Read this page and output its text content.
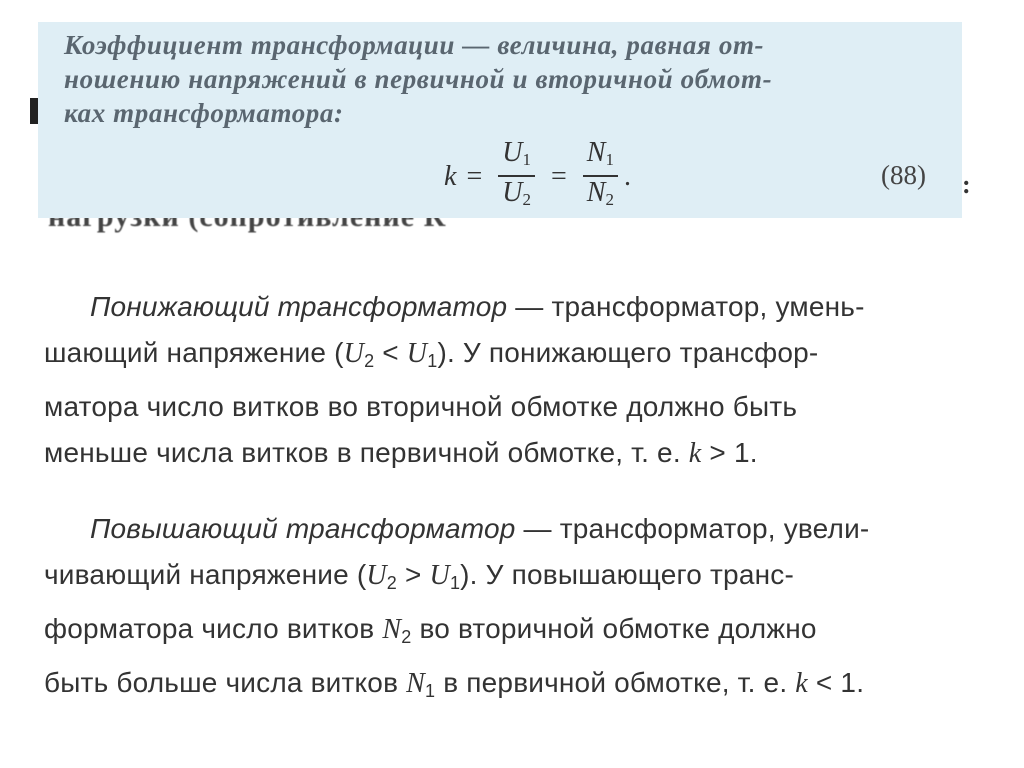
:

Коэффициент трансформации — величина, равная от-
ношению напряжений в первичной и вторичной обмот-
ках трансформатора:

$k = \frac{U_1}{U_2} = \frac{N_1}{N_2}$ .	(88)

Понижающий трансформатор — трансформатор, умень-
шающий напряжение (U2 < U1). У понижающего трансфор-
матора число витков во вторичной обмотке должно быть
меньше числа витков в первичной обмотке, т. е. k > 1.

Повышающий трансформатор — трансформатор, увели-
чивающий напряжение (U2 > U1). У повышающего транс-
форматора число витков N2 во вторичной обмотке должно
быть больше числа витков N1 в первичной обмотке, т. е. k < 1.
